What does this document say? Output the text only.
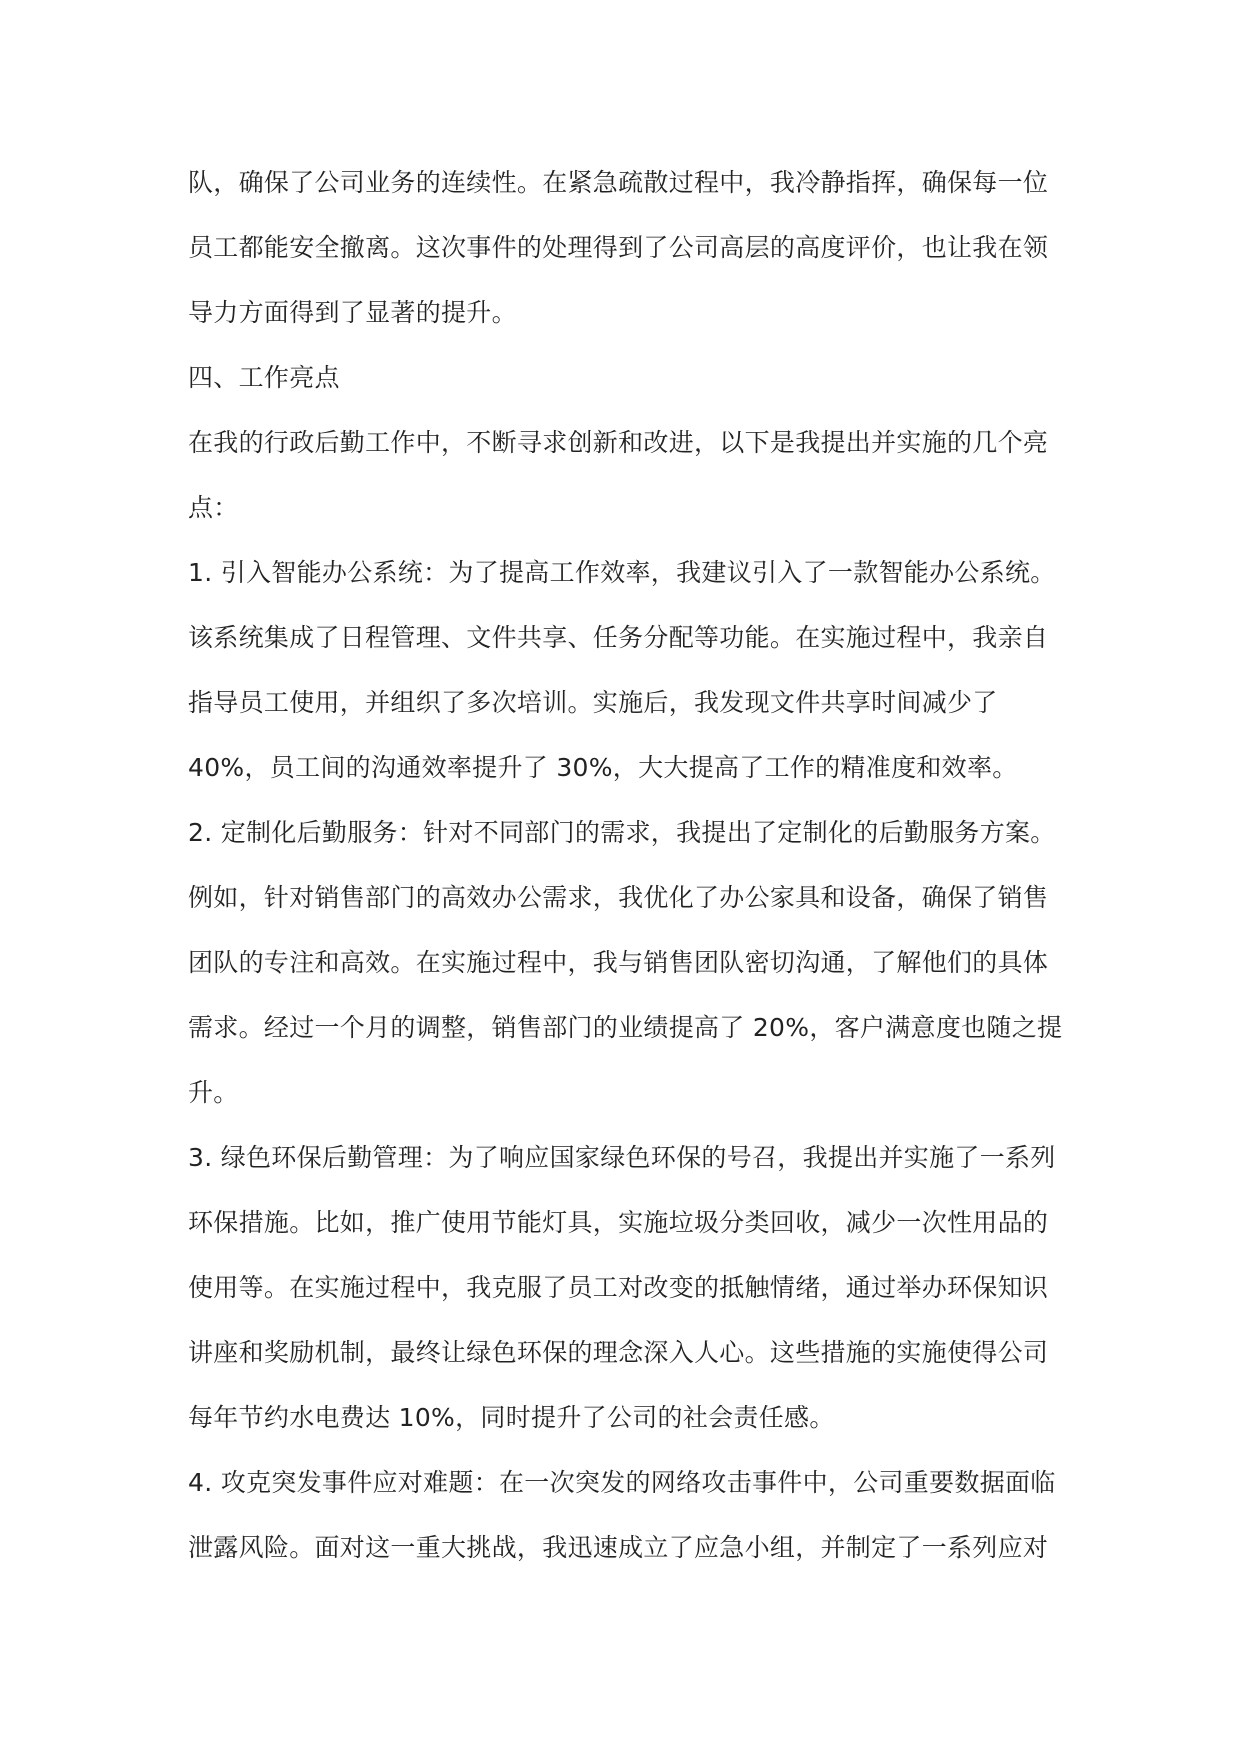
队，确保了公司业务的连续性。在紧急疏散过程中，我冷静指挥，确保每一位
员工都能安全撤离。这次事件的处理得到了公司高层的高度评价，也让我在领
导力方面得到了显著的提升。
四、工作亮点
在我的行政后勤工作中，不断寻求创新和改进，以下是我提出并实施的几个亮
点：
1. 引入智能办公系统：为了提高工作效率，我建议引入了一款智能办公系统。
该系统集成了日程管理、文件共享、任务分配等功能。在实施过程中，我亲自
指导员工使用，并组织了多次培训。实施后，我发现文件共享时间减少了
40%，员工间的沟通效率提升了 30%，大大提高了工作的精准度和效率。
2. 定制化后勤服务：针对不同部门的需求，我提出了定制化的后勤服务方案。
例如，针对销售部门的高效办公需求，我优化了办公家具和设备，确保了销售
团队的专注和高效。在实施过程中，我与销售团队密切沟通，了解他们的具体
需求。经过一个月的调整，销售部门的业绩提高了 20%，客户满意度也随之提
升。
3. 绿色环保后勤管理：为了响应国家绿色环保的号召，我提出并实施了一系列
环保措施。比如，推广使用节能灯具，实施垃圾分类回收，减少一次性用品的
使用等。在实施过程中，我克服了员工对改变的抵触情绪，通过举办环保知识
讲座和奖励机制，最终让绿色环保的理念深入人心。这些措施的实施使得公司
每年节约水电费达 10%，同时提升了公司的社会责任感。
4. 攻克突发事件应对难题：在一次突发的网络攻击事件中，公司重要数据面临
泄露风险。面对这一重大挑战，我迅速成立了应急小组，并制定了一系列应对
